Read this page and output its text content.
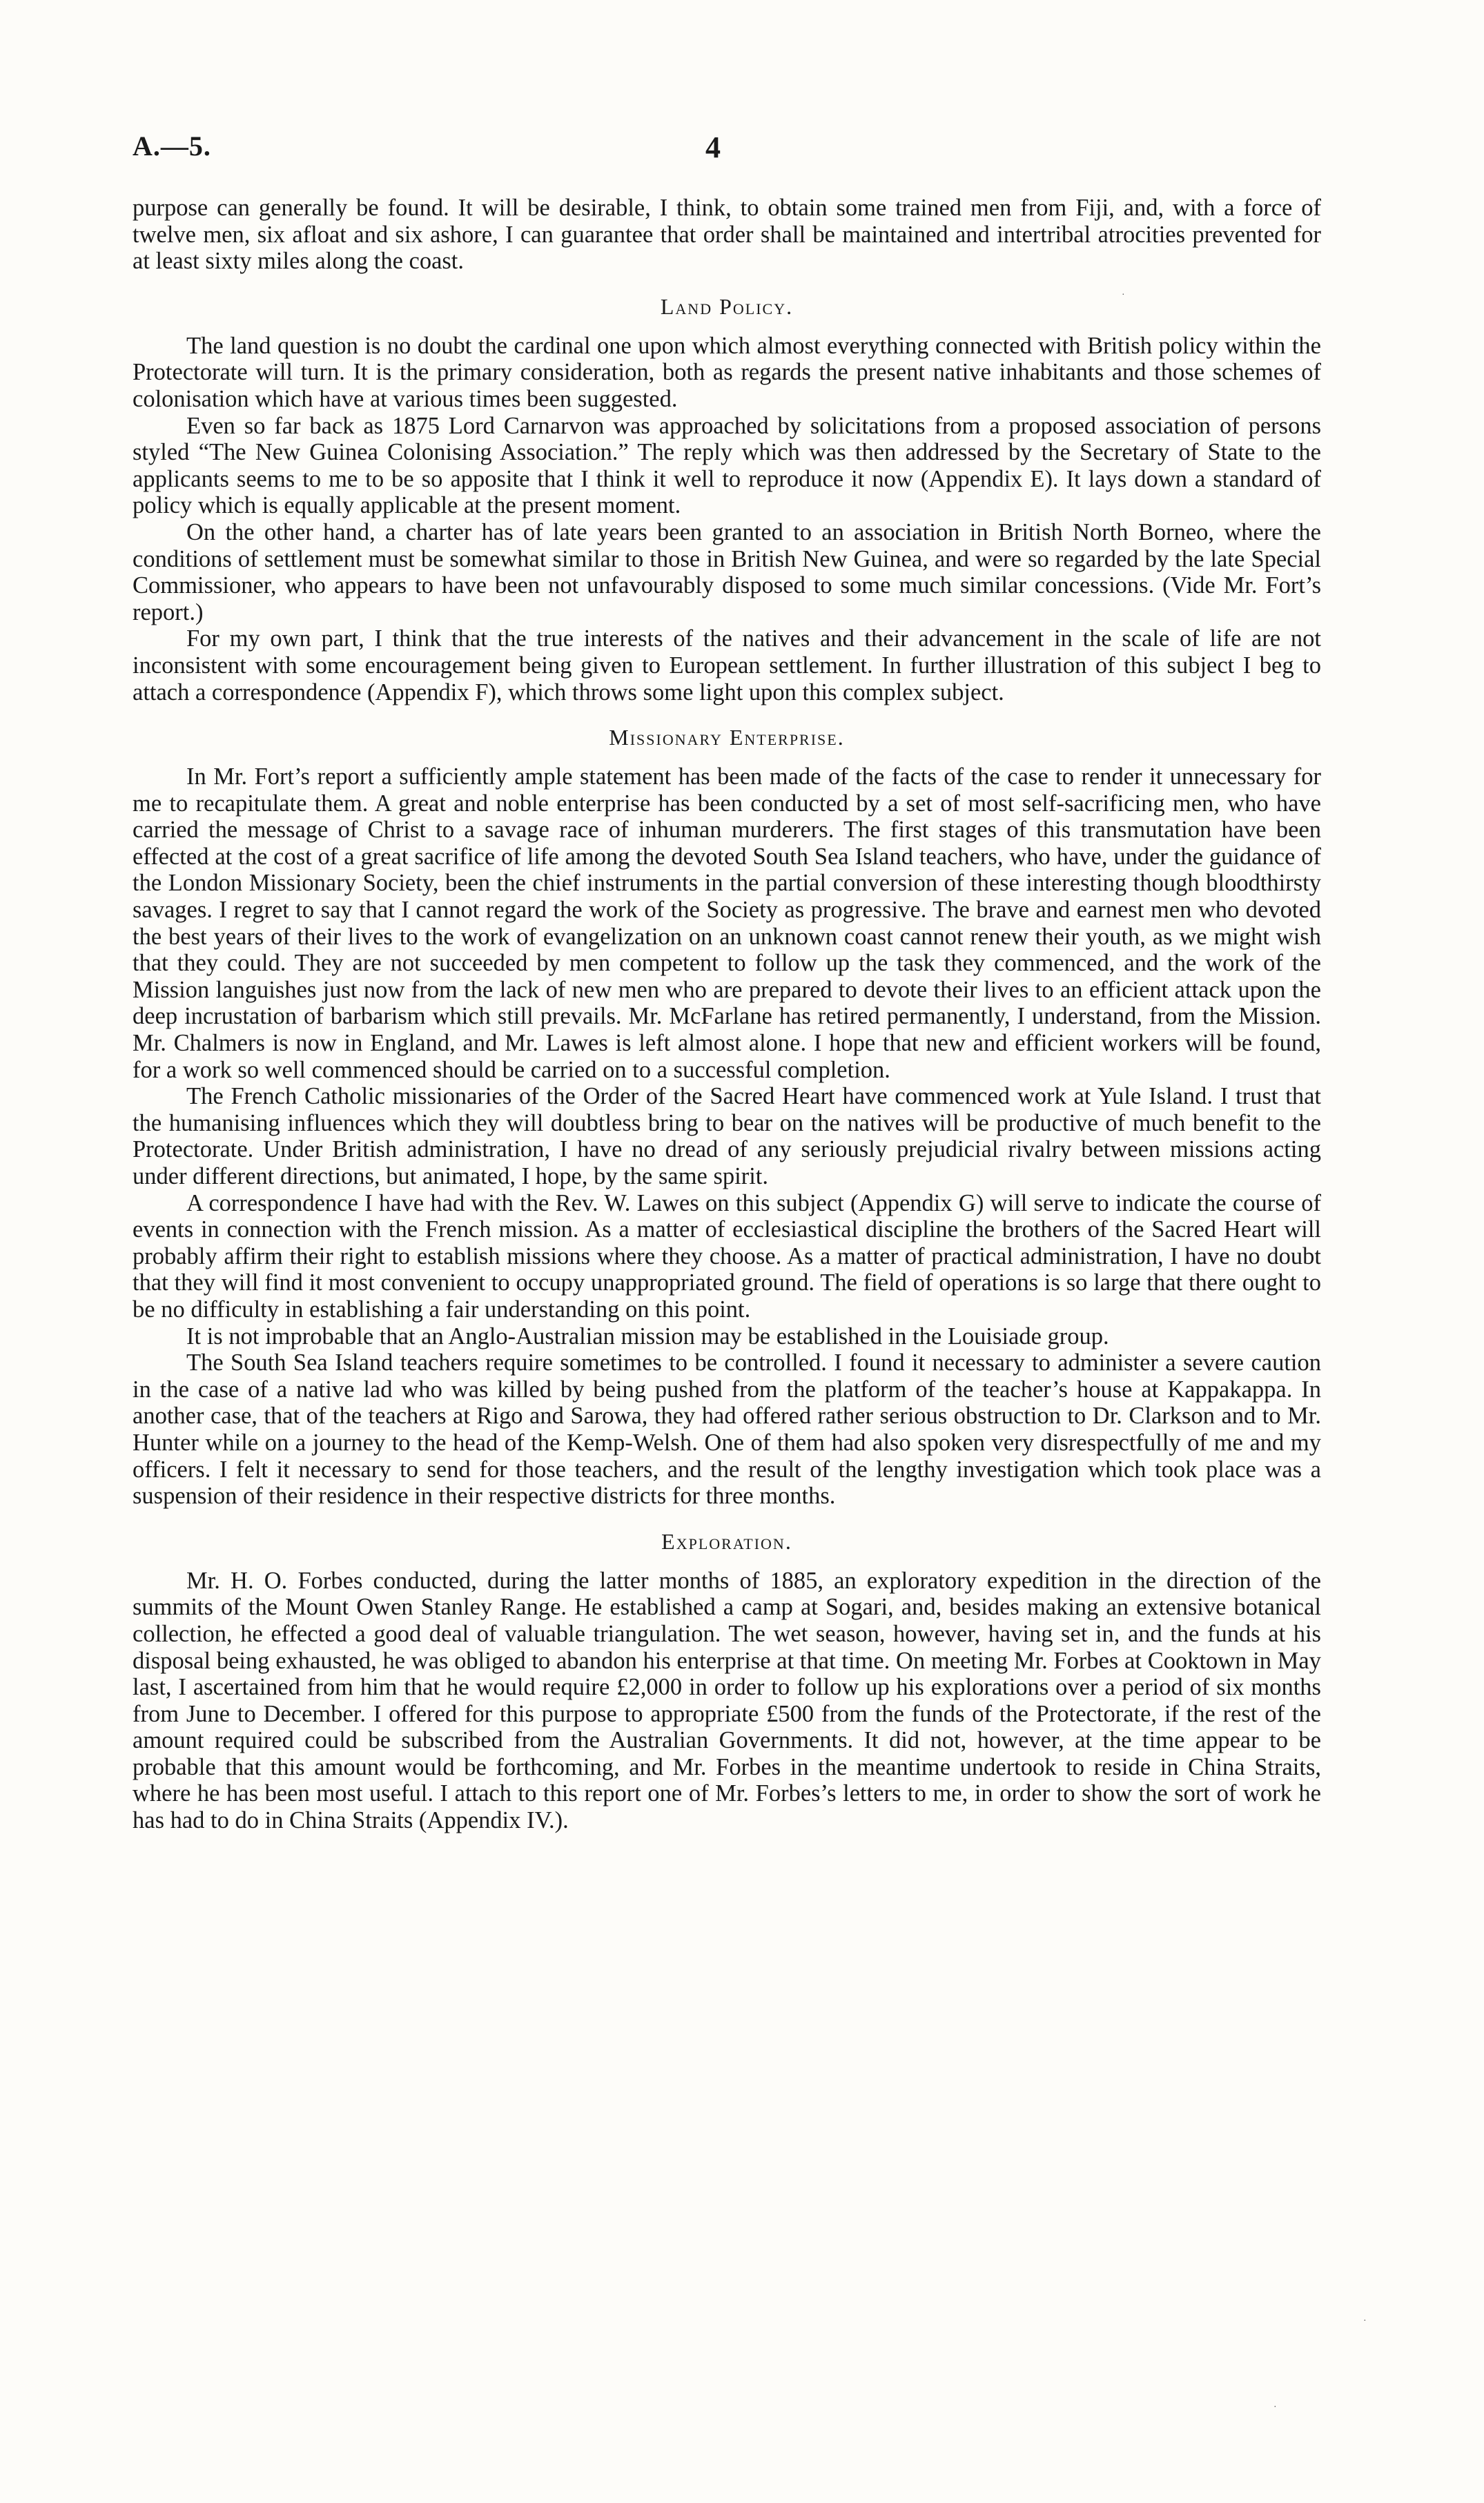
A.—5.	4

purpose can generally be found. It will be desirable, I think, to obtain some trained men from Fiji, and, with a force of twelve men, six afloat and six ashore, I can guarantee that order shall be maintained and intertribal atrocities prevented for at least sixty miles along the coast.

Land Policy.

The land question is no doubt the cardinal one upon which almost everything connected with British policy within the Protectorate will turn. It is the primary consideration, both as regards the present native inhabitants and those schemes of colonisation which have at various times been suggested.

Even so far back as 1875 Lord Carnarvon was approached by solicitations from a proposed association of persons styled “The New Guinea Colonising Association.” The reply which was then addressed by the Secretary of State to the applicants seems to me to be so apposite that I think it well to reproduce it now (Appendix E). It lays down a standard of policy which is equally applicable at the present moment.

On the other hand, a charter has of late years been granted to an association in British North Borneo, where the conditions of settlement must be somewhat similar to those in British New Guinea, and were so regarded by the late Special Commissioner, who appears to have been not unfavourably disposed to some much similar concessions. (Vide Mr. Fort’s report.)

For my own part, I think that the true interests of the natives and their advancement in the scale of life are not inconsistent with some encouragement being given to European settlement. In further illustration of this subject I beg to attach a correspondence (Appendix F), which throws some light upon this complex subject.

Missionary Enterprise.

In Mr. Fort’s report a sufficiently ample statement has been made of the facts of the case to render it unnecessary for me to recapitulate them. A great and noble enterprise has been conducted by a set of most self-sacrificing men, who have carried the message of Christ to a savage race of inhuman murderers. The first stages of this transmutation have been effected at the cost of a great sacrifice of life among the devoted South Sea Island teachers, who have, under the guidance of the London Missionary Society, been the chief instruments in the partial conversion of these interesting though bloodthirsty savages. I regret to say that I cannot regard the work of the Society as progressive. The brave and earnest men who devoted the best years of their lives to the work of evangelization on an unknown coast cannot renew their youth, as we might wish that they could. They are not succeeded by men competent to follow up the task they commenced, and the work of the Mission languishes just now from the lack of new men who are prepared to devote their lives to an efficient attack upon the deep incrustation of barbarism which still prevails. Mr. McFarlane has retired permanently, I understand, from the Mission. Mr. Chalmers is now in England, and Mr. Lawes is left almost alone. I hope that new and efficient workers will be found, for a work so well commenced should be carried on to a successful completion.

The French Catholic missionaries of the Order of the Sacred Heart have commenced work at Yule Island. I trust that the humanising influences which they will doubtless bring to bear on the natives will be productive of much benefit to the Protectorate. Under British administration, I have no dread of any seriously prejudicial rivalry between missions acting under different directions, but animated, I hope, by the same spirit.

A correspondence I have had with the Rev. W. Lawes on this subject (Appendix G) will serve to indicate the course of events in connection with the French mission. As a matter of ecclesiastical discipline the brothers of the Sacred Heart will probably affirm their right to establish missions where they choose. As a matter of practical administration, I have no doubt that they will find it most convenient to occupy unappropriated ground. The field of operations is so large that there ought to be no difficulty in establishing a fair understanding on this point.

It is not improbable that an Anglo-Australian mission may be established in the Louisiade group.

The South Sea Island teachers require sometimes to be controlled. I found it necessary to administer a severe caution in the case of a native lad who was killed by being pushed from the platform of the teacher’s house at Kappakappa. In another case, that of the teachers at Rigo and Sarowa, they had offered rather serious obstruction to Dr. Clarkson and to Mr. Hunter while on a journey to the head of the Kemp-Welsh. One of them had also spoken very disrespectfully of me and my officers. I felt it necessary to send for those teachers, and the result of the lengthy investigation which took place was a suspension of their residence in their respective districts for three months.

Exploration.

Mr. H. O. Forbes conducted, during the latter months of 1885, an exploratory expedition in the direction of the summits of the Mount Owen Stanley Range. He established a camp at Sogari, and, besides making an extensive botanical collection, he effected a good deal of valuable triangulation. The wet season, however, having set in, and the funds at his disposal being exhausted, he was obliged to abandon his enterprise at that time. On meeting Mr. Forbes at Cooktown in May last, I ascertained from him that he would require £2,000 in order to follow up his explorations over a period of six months from June to December. I offered for this purpose to appropriate £500 from the funds of the Protectorate, if the rest of the amount required could be subscribed from the Australian Governments. It did not, however, at the time appear to be probable that this amount would be forthcoming, and Mr. Forbes in the meantime undertook to reside in China Straits, where he has been most useful. I attach to this report one of Mr. Forbes’s letters to me, in order to show the sort of work he has had to do in China Straits (Appendix IV.).

·
·
·
